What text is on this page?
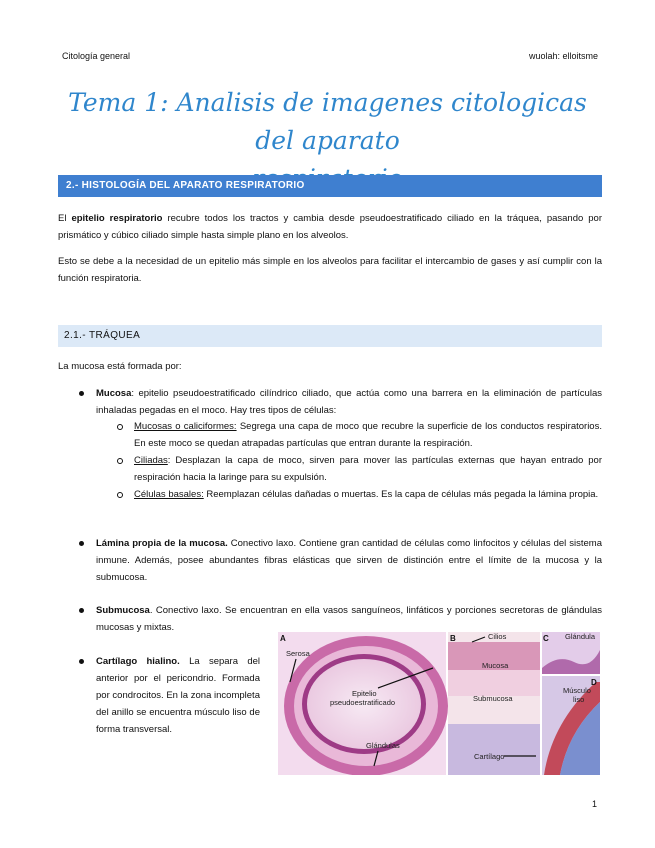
Citología general	wuolah: elloitsme
Tema 1: Analisis de imagenes citologicas del aparato
2.- HISTOLOGÍA DEL APARATO RESPIRATORIO
El epitelio respiratorio recubre todos los tractos y cambia desde pseudoestratificado ciliado en la tráquea, pasando por prismático y cúbico ciliado simple hasta simple plano en los alveolos.
Esto se debe a la necesidad de un epitelio más simple en los alveolos para facilitar el intercambio de gases y así cumplir con la función respiratoria.
2.1.- TRÁQUEA
La mucosa está formada por:
Mucosa: epitelio pseudoestratificado cilíndrico ciliado, que actúa como una barrera en la eliminación de partículas inhaladas pegadas en el moco. Hay tres tipos de células:
Mucosas o caliciformes: Segrega una capa de moco que recubre la superficie de los conductos respiratorios. En este moco se quedan atrapadas partículas que entran durante la respiración.
Ciliadas: Desplazan la capa de moco, sirven para mover las partículas externas que hayan entrado por respiración hacia la laringe para su expulsión.
Células basales: Reemplazan células dañadas o muertas. Es la capa de células más pegada la lámina propia.
Lámina propia de la mucosa. Conectivo laxo. Contiene gran cantidad de células como linfocitos y células del sistema inmune. Además, posee abundantes fibras elásticas que sirven de distinción entre el límite de la mucosa y la submucosa.
Submucosa. Conectivo laxo. Se encuentran en ella vasos sanguíneos, linfáticos y porciones secretoras de glándulas mucosas y mixtas.
Cartílago hialino. La separa del anterior por el pericondrio. Formada por condrocitos. En la zona incompleta del anillo se encuentra músculo liso de forma transversal.
A
Serosa
Epitelio
pseudoestratificado
Glándulas
B	Cilios
Mucosa
Submucosa
Cartílago
C Glándula
D
Músculo
liso
1
